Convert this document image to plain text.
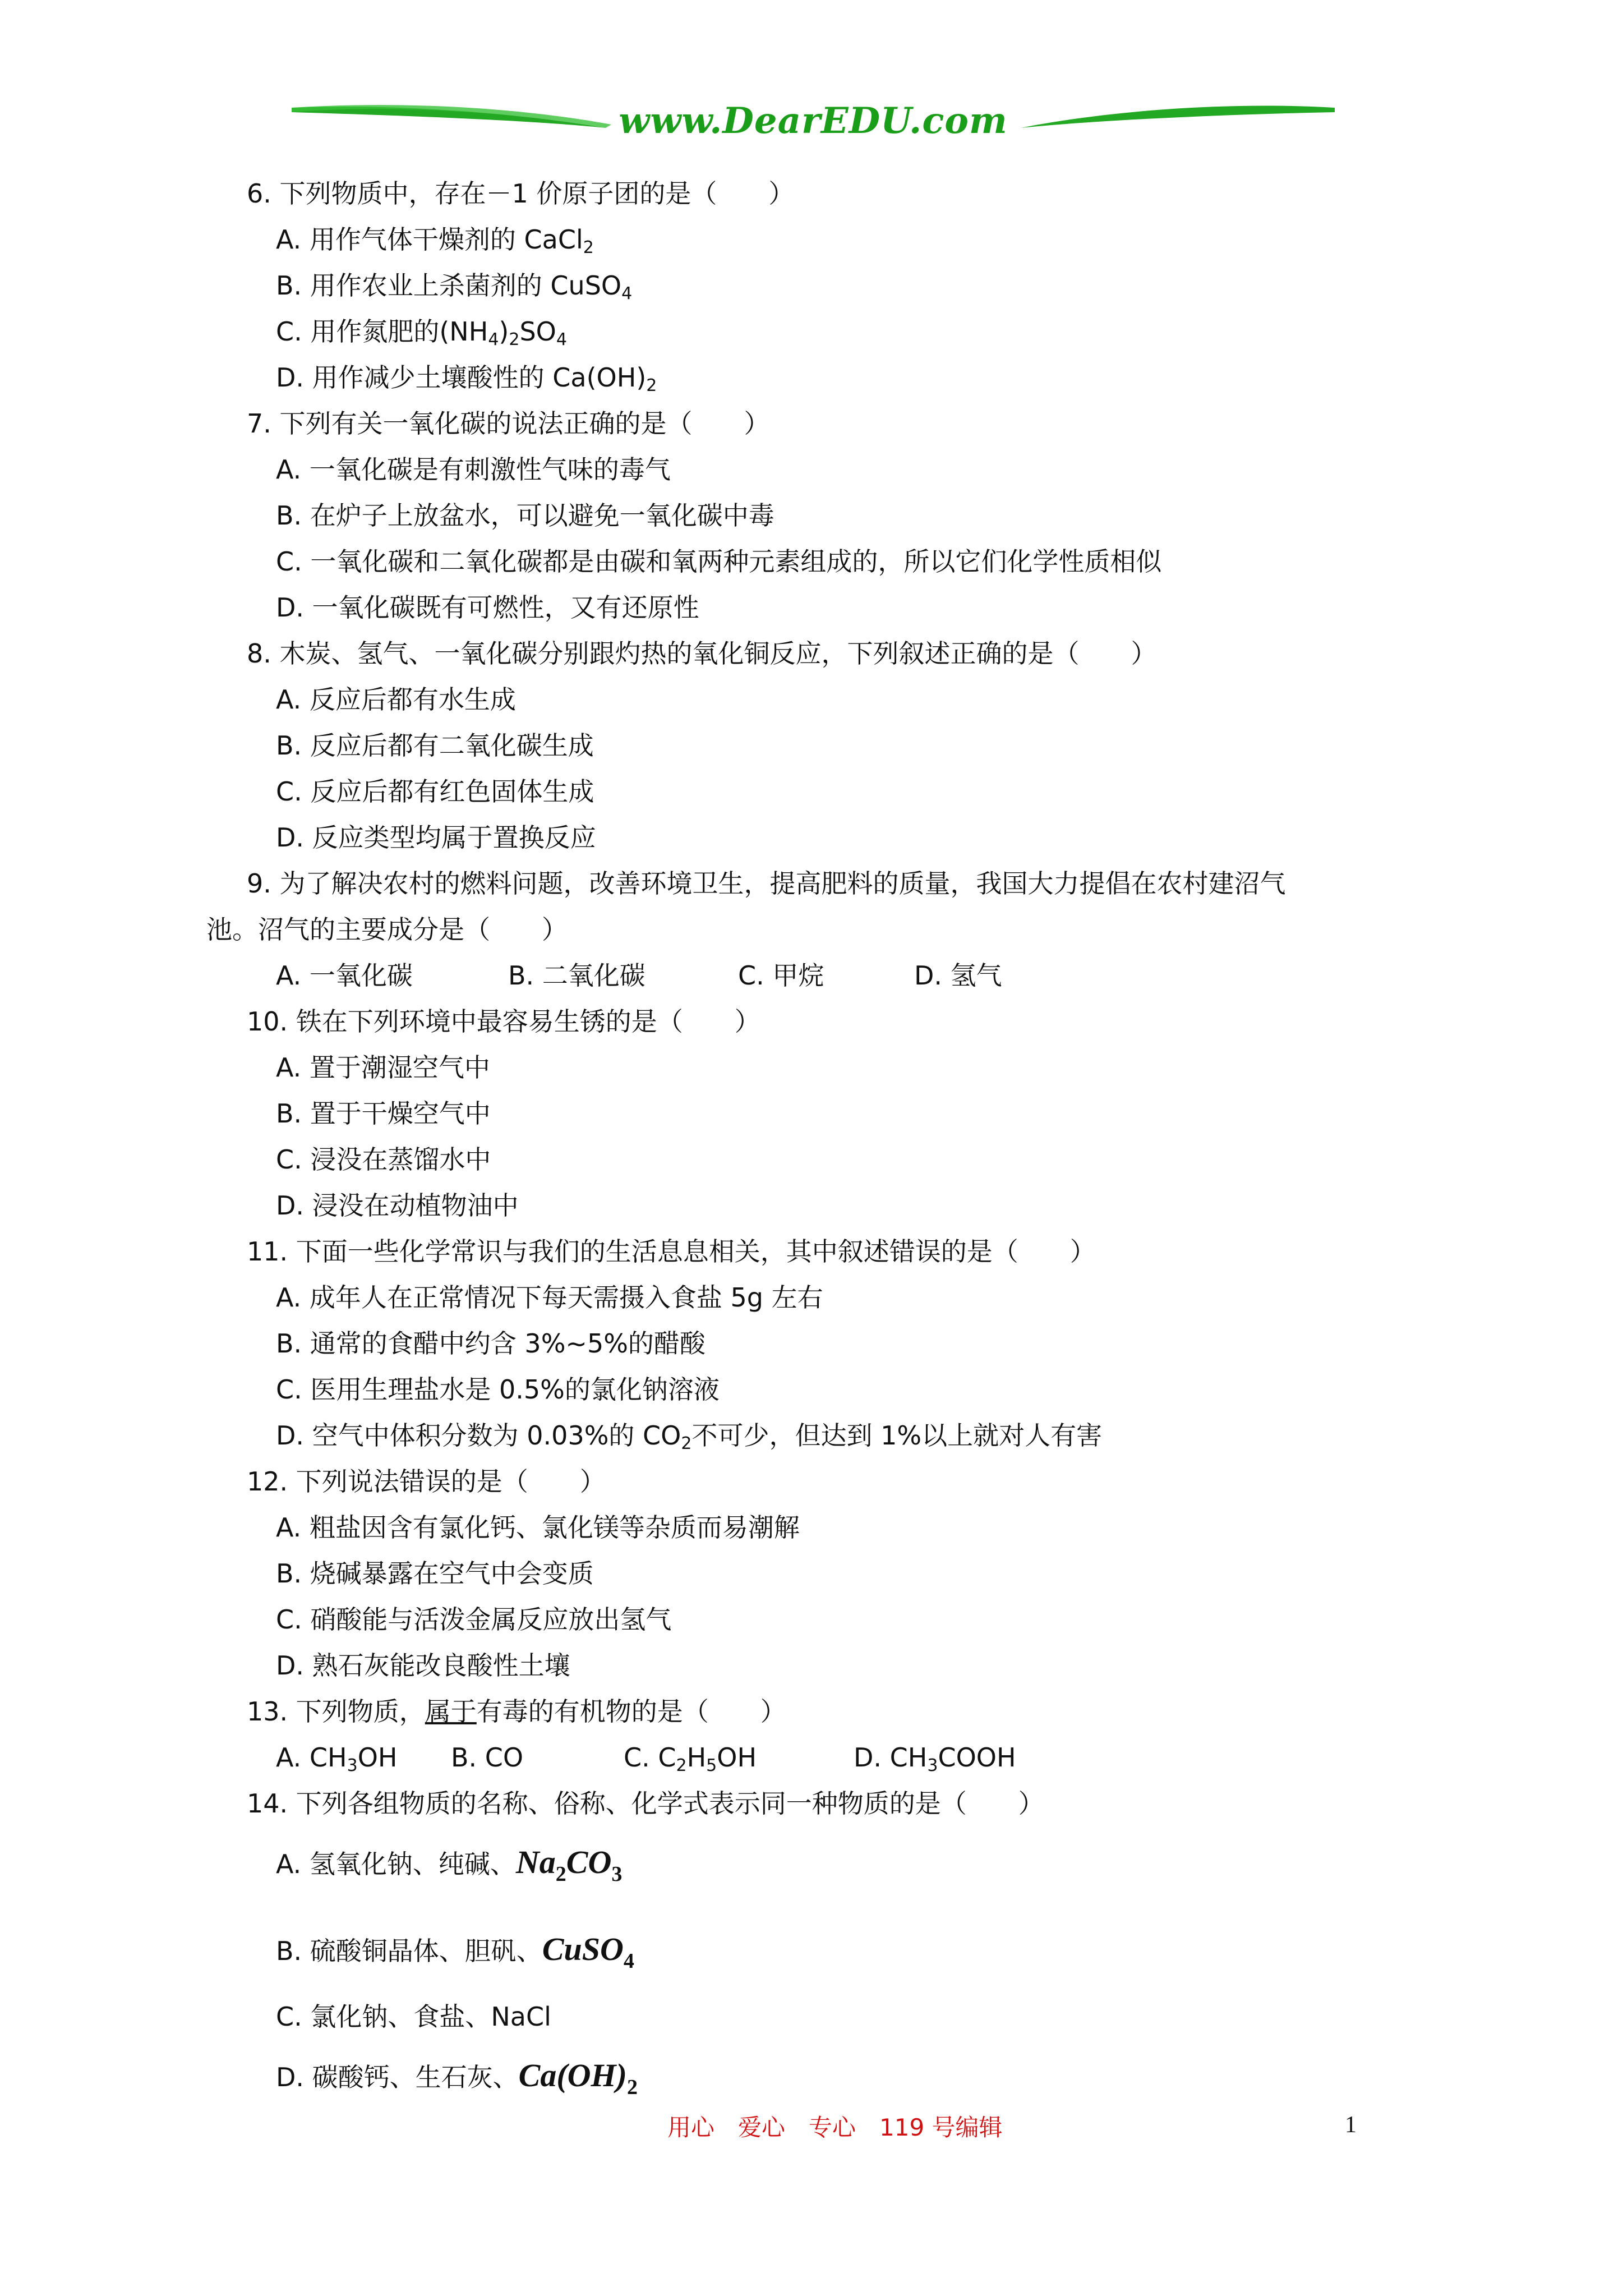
www.DearEDU.com
6. 下列物质中，存在－1 价原子团的是（　　）
A. 用作气体干燥剂的 CaCl$_2$
B. 用作农业上杀菌剂的 CuSO$_4$
C. 用作氮肥的$(NH_4)_2SO_4$
D. 用作减少土壤酸性的 $Ca(OH)_2$
7. 下列有关一氧化碳的说法正确的是（　　）
A. 一氧化碳是有刺激性气味的毒气
B. 在炉子上放盆水，可以避免一氧化碳中毒
C. 一氧化碳和二氧化碳都是由碳和氧两种元素组成的，所以它们化学性质相似
D. 一氧化碳既有可燃性，又有还原性
8. 木炭、氢气、一氧化碳分别跟灼热的氧化铜反应，下列叙述正确的是（　　）
A. 反应后都有水生成
B. 反应后都有二氧化碳生成
C. 反应后都有红色固体生成
D. 反应类型均属于置换反应
9. 为了解决农村的燃料问题，改善环境卫生，提高肥料的质量，我国大力提倡在农村建沼气
池。沼气的主要成分是（　　）
A. 一氧化碳	B. 二氧化碳	C. 甲烷	D. 氢气
10. 铁在下列环境中最容易生锈的是（　　）
A. 置于潮湿空气中
B. 置于干燥空气中
C. 浸没在蒸馏水中
D. 浸没在动植物油中
11. 下面一些化学常识与我们的生活息息相关，其中叙述错误的是（　　）
A. 成年人在正常情况下每天需摄入食盐 5g 左右
B. 通常的食醋中约含 3%~5%的醋酸
C. 医用生理盐水是 0.5%的氯化钠溶液
D. 空气中体积分数为 0.03%的 $CO_2$不可少，但达到 1%以上就对人有害
12. 下列说法错误的是（　　）
A. 粗盐因含有氯化钙、氯化镁等杂质而易潮解
B. 烧碱暴露在空气中会变质
C. 硝酸能与活泼金属反应放出氢气
D. 熟石灰能改良酸性土壤
13. 下列物质，属于有毒的有机物的是（　　）
A. $CH_3OH$ B. CO	C. $C_2H_5OH$	D. $CH_3COOH$
14. 下列各组物质的名称、俗称、化学式表示同一种物质的是（　　）
A. 氢氧化钠、纯碱、$Na_2CO_3$
B. 硫酸铜晶体、胆矾、CuSO$_4$
C. 氯化钠、食盐、NaCl
D. 碳酸钙、生石灰、$Ca(OH)_2$
用心　爱心　专心　119 号编辑	1
